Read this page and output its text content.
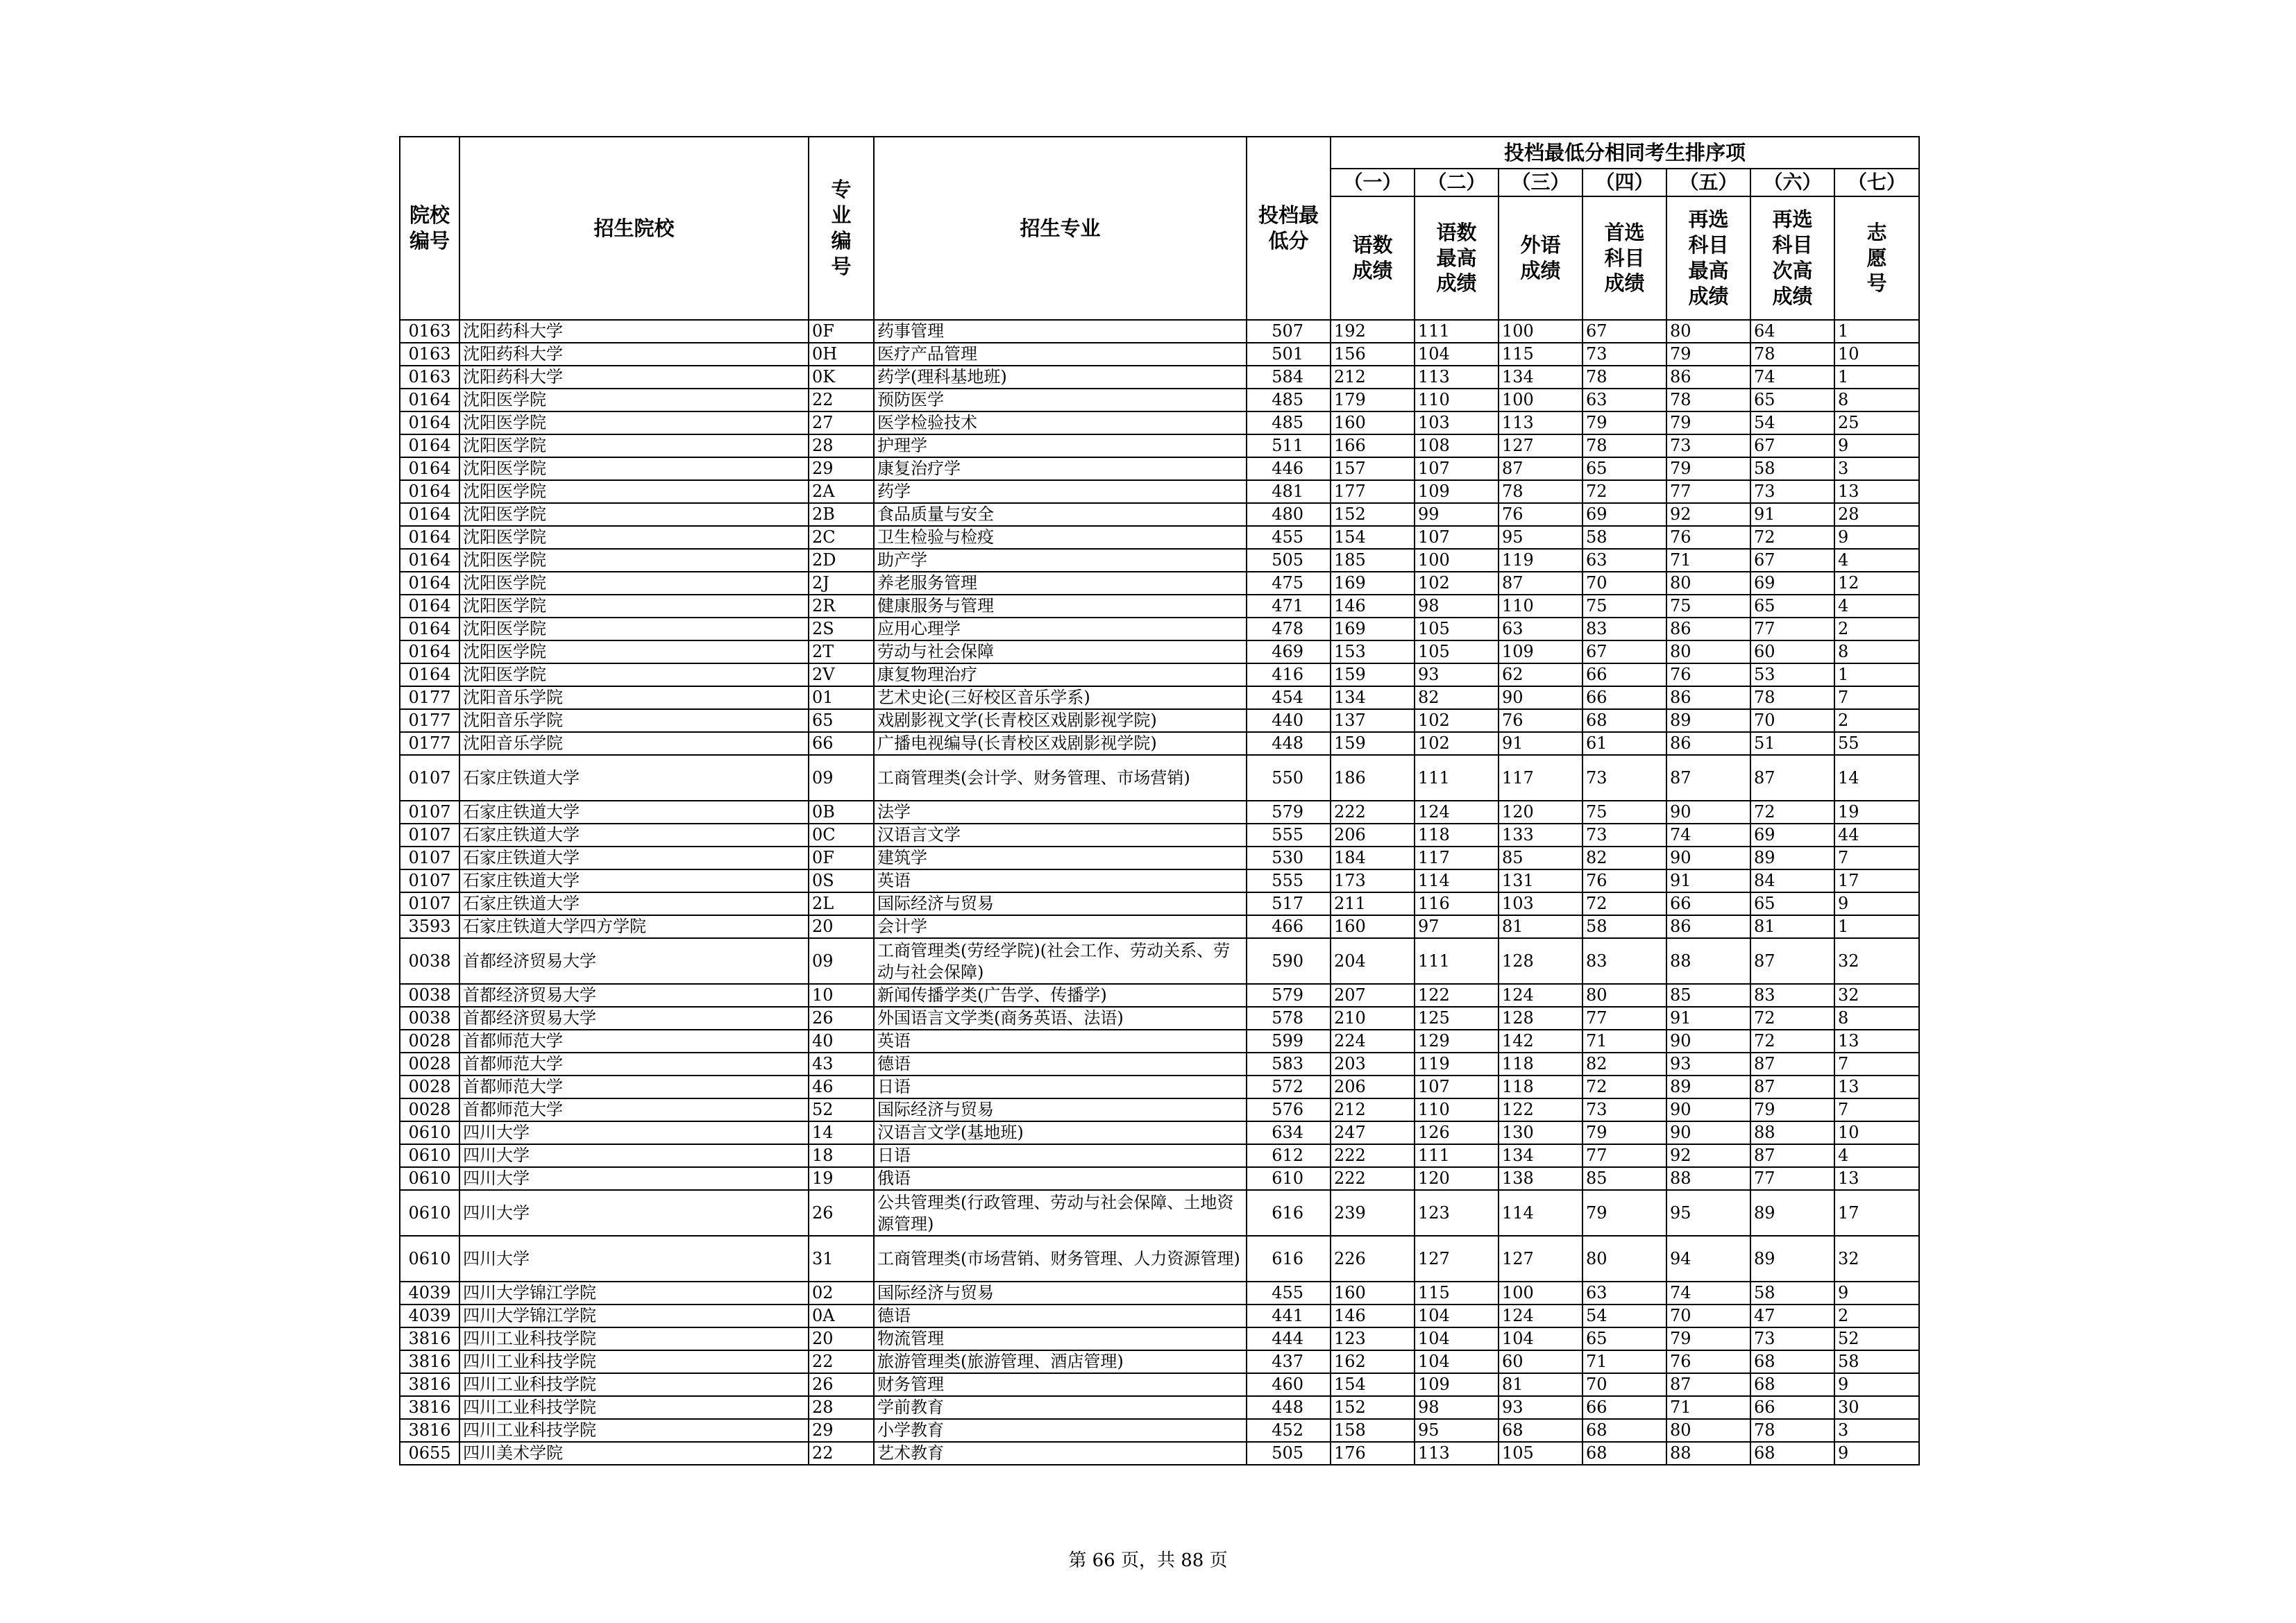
院校编号	招生院校	专业编号	招生专业	投档最低分	投档最低分相同考生排序项						
					（一）	（二）	（三）	（四）	（五）	（六）	（七）
					语数成绩	语数最高成绩	外语成绩	首选科目成绩	再选科目最高成绩	再选科目次高成绩	志愿号
0163	沈阳药科大学	0F	药事管理	507	192	111	100	67	80	64	1
0163	沈阳药科大学	0H	医疗产品管理	501	156	104	115	73	79	78	10
0163	沈阳药科大学	0K	药学(理科基地班)	584	212	113	134	78	86	74	1
0164	沈阳医学院	22	预防医学	485	179	110	100	63	78	65	8
0164	沈阳医学院	27	医学检验技术	485	160	103	113	79	79	54	25
0164	沈阳医学院	28	护理学	511	166	108	127	78	73	67	9
0164	沈阳医学院	29	康复治疗学	446	157	107	87	65	79	58	3
0164	沈阳医学院	2A	药学	481	177	109	78	72	77	73	13
0164	沈阳医学院	2B	食品质量与安全	480	152	99	76	69	92	91	28
0164	沈阳医学院	2C	卫生检验与检疫	455	154	107	95	58	76	72	9
0164	沈阳医学院	2D	助产学	505	185	100	119	63	71	67	4
0164	沈阳医学院	2J	养老服务管理	475	169	102	87	70	80	69	12
0164	沈阳医学院	2R	健康服务与管理	471	146	98	110	75	75	65	4
0164	沈阳医学院	2S	应用心理学	478	169	105	63	83	86	77	2
0164	沈阳医学院	2T	劳动与社会保障	469	153	105	109	67	80	60	8
0164	沈阳医学院	2V	康复物理治疗	416	159	93	62	66	76	53	1
0177	沈阳音乐学院	01	艺术史论(三好校区音乐学系)	454	134	82	90	66	86	78	7
0177	沈阳音乐学院	65	戏剧影视文学(长青校区戏剧影视学院)	440	137	102	76	68	89	70	2
0177	沈阳音乐学院	66	广播电视编导(长青校区戏剧影视学院)	448	159	102	91	61	86	51	55
0107	石家庄铁道大学	09	工商管理类(会计学、财务管理、市场营销)	550	186	111	117	73	87	87	14
0107	石家庄铁道大学	0B	法学	579	222	124	120	75	90	72	19
0107	石家庄铁道大学	0C	汉语言文学	555	206	118	133	73	74	69	44
0107	石家庄铁道大学	0F	建筑学	530	184	117	85	82	90	89	7
0107	石家庄铁道大学	0S	英语	555	173	114	131	76	91	84	17
0107	石家庄铁道大学	2L	国际经济与贸易	517	211	116	103	72	66	65	9
3593	石家庄铁道大学四方学院	20	会计学	466	160	97	81	58	86	81	1
0038	首都经济贸易大学	09	工商管理类(劳经学院)(社会工作、劳动关系、劳动与社会保障)	590	204	111	128	83	88	87	32
0038	首都经济贸易大学	10	新闻传播学类(广告学、传播学)	579	207	122	124	80	85	83	32
0038	首都经济贸易大学	26	外国语言文学类(商务英语、法语)	578	210	125	128	77	91	72	8
0028	首都师范大学	40	英语	599	224	129	142	71	90	72	13
0028	首都师范大学	43	德语	583	203	119	118	82	93	87	7
0028	首都师范大学	46	日语	572	206	107	118	72	89	87	13
0028	首都师范大学	52	国际经济与贸易	576	212	110	122	73	90	79	7
0610	四川大学	14	汉语言文学(基地班)	634	247	126	130	79	90	88	10
0610	四川大学	18	日语	612	222	111	134	77	92	87	4
0610	四川大学	19	俄语	610	222	120	138	85	88	77	13
0610	四川大学	26	公共管理类(行政管理、劳动与社会保障、土地资源管理)	616	239	123	114	79	95	89	17
0610	四川大学	31	工商管理类(市场营销、财务管理、人力资源管理)	616	226	127	127	80	94	89	32
4039	四川大学锦江学院	02	国际经济与贸易	455	160	115	100	63	74	58	9
4039	四川大学锦江学院	0A	德语	441	146	104	124	54	70	47	2
3816	四川工业科技学院	20	物流管理	444	123	104	104	65	79	73	52
3816	四川工业科技学院	22	旅游管理类(旅游管理、酒店管理)	437	162	104	60	71	76	68	58
3816	四川工业科技学院	26	财务管理	460	154	109	81	70	87	68	9
3816	四川工业科技学院	28	学前教育	448	152	98	93	66	71	66	30
3816	四川工业科技学院	29	小学教育	452	158	95	68	68	80	78	3
0655	四川美术学院	22	艺术教育	505	176	113	105	68	88	68	9
第 66 页，共 88 页
